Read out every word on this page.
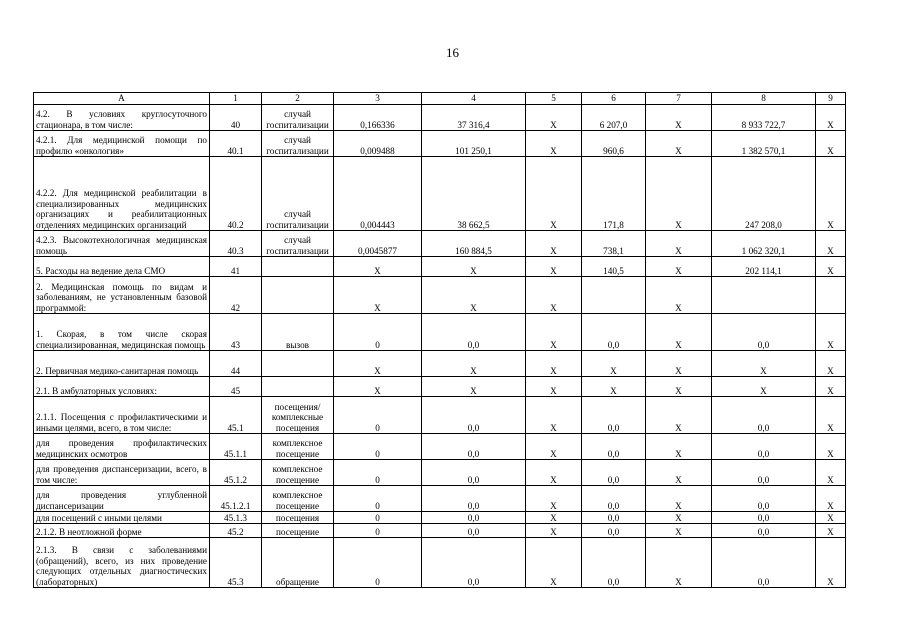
16
А	1	2	3	4	5	6	7	8	9
4.2. В условиях круглосуточного стационара, в том числе:	40	случай госпитализации	0,166336	37 316,4	Х	6 207,0	Х	8 933 722,7	Х
4.2.1. Для медицинской помощи по профилю «онкология»	40.1	случай госпитализации	0,009488	101 250,1	Х	960,6	Х	1 382 570,1	Х
4.2.2. Для медицинской реабилитации в специализированных медицинских организациях и реабилитационных отделениях медицинских организаций	40.2	случай госпитализации	0,004443	38 662,5	Х	171,8	Х	247 208,0	Х
4.2.3. Высокотехнологичная медицинская помощь	40.3	случай госпитализации	0,0045877	160 884,5	Х	738,1	Х	1 062 320,1	Х
5. Расходы на ведение дела СМО	41		Х	Х	Х	140,5	Х	202 114,1	Х
2. Медицинская помощь по видам и заболеваниям, не установленным базовой программой:	42		Х	Х	Х		Х		
1. Скорая, в том числе скорая специализированная, медицинская помощь	43	вызов	0	0,0	Х	0,0	Х	0,0	Х
2. Первичная медико-санитарная помощь	44		Х	Х	Х	Х	Х	Х	Х
2.1. В амбулаторных условиях:	45		Х	Х	Х	Х	Х	Х	Х
2.1.1. Посещения с профилактическими и иными целями, всего, в том числе:	45.1	посещения/ комплексные посещения	0	0,0	Х	0,0	Х	0,0	Х
для проведения профилактических медицинских осмотров	45.1.1	комплексное посещение	0	0,0	Х	0,0	Х	0,0	Х
для проведения диспансеризации, всего, в том числе:	45.1.2	комплексное посещение	0	0,0	Х	0,0	Х	0,0	Х
для проведения углубленной диспансеризации	45.1.2.1	комплексное посещение	0	0,0	Х	0,0	Х	0,0	Х
для посещений с иными целями	45.1.3	посещения	0	0,0	Х	0,0	Х	0,0	Х
2.1.2. В неотложной форме	45.2	посещение	0	0,0	Х	0,0	Х	0,0	Х
2.1.3. В связи с заболеваниями (обращений), всего, из них проведение следующих отдельных диагностических (лабораторных)	45.3	обращение	0	0,0	Х	0,0	Х	0,0	Х
